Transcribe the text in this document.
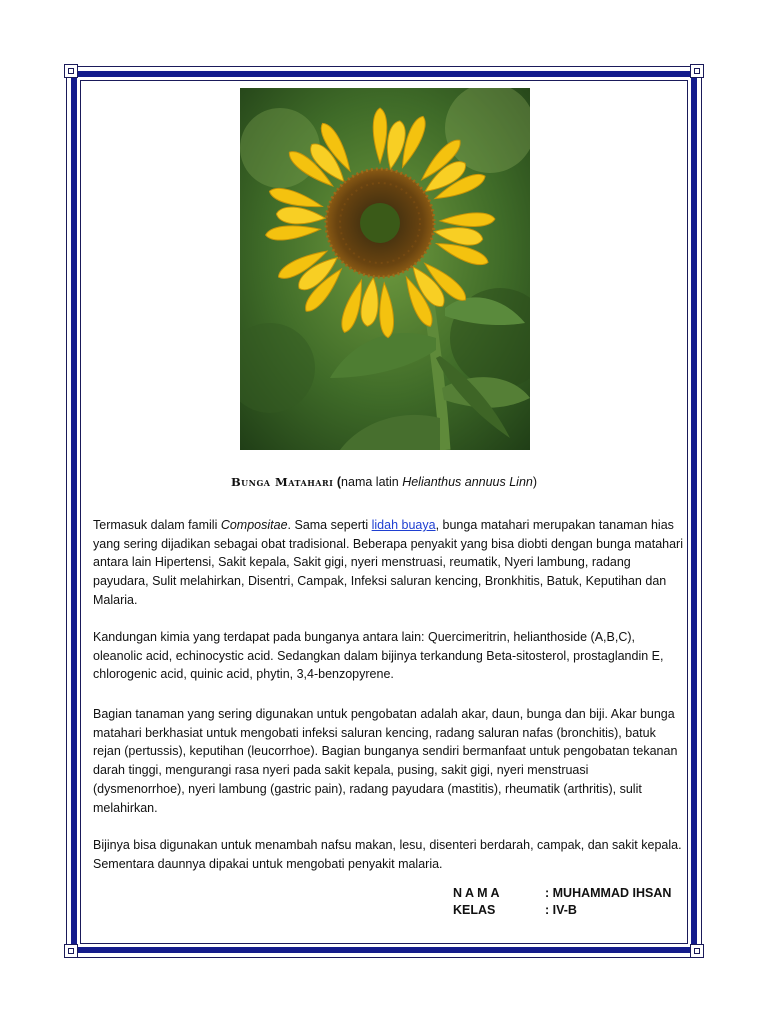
Bunga Matahari (nama latin Helianthus annuus Linn)

Termasuk dalam famili Compositae. Sama seperti lidah buaya, bunga matahari merupakan tanaman hias yang sering dijadikan sebagai obat tradisional. Beberapa penyakit yang bisa diobti dengan bunga matahari antara lain Hipertensi, Sakit kepala, Sakit gigi, nyeri menstruasi, reumatik, Nyeri lambung, radang payudara, Sulit melahirkan, Disentri, Campak, Infeksi saluran kencing, Bronkhitis, Batuk, Keputihan dan Malaria.

Kandungan kimia yang terdapat pada bunganya antara lain: Quercimeritrin, helianthoside (A,B,C), oleanolic acid, echinocystic acid. Sedangkan dalam bijinya terkandung Beta-sitosterol, prostaglandin E, chlorogenic acid, quinic acid, phytin, 3,4-benzopyrene.

Bagian tanaman yang sering digunakan untuk pengobatan adalah akar, daun, bunga dan biji. Akar bunga matahari berkhasiat untuk mengobati infeksi saluran kencing, radang saluran nafas (bronchitis), batuk rejan (pertussis), keputihan (leucorrhoe). Bagian bunganya sendiri bermanfaat untuk pengobatan tekanan darah tinggi, mengurangi rasa nyeri pada sakit kepala, pusing, sakit gigi, nyeri menstruasi (dysmenorrhoe), nyeri lambung (gastric pain), radang payudara (mastitis), rheumatik (arthritis), sulit melahirkan.

Bijinya bisa digunakan untuk menambah nafsu makan, lesu, disenteri berdarah, campak, dan sakit kepala. Sementara daunnya dipakai untuk mengobati penyakit malaria.

N A M A	: MUHAMMAD IHSAN
KELAS	: IV-B
